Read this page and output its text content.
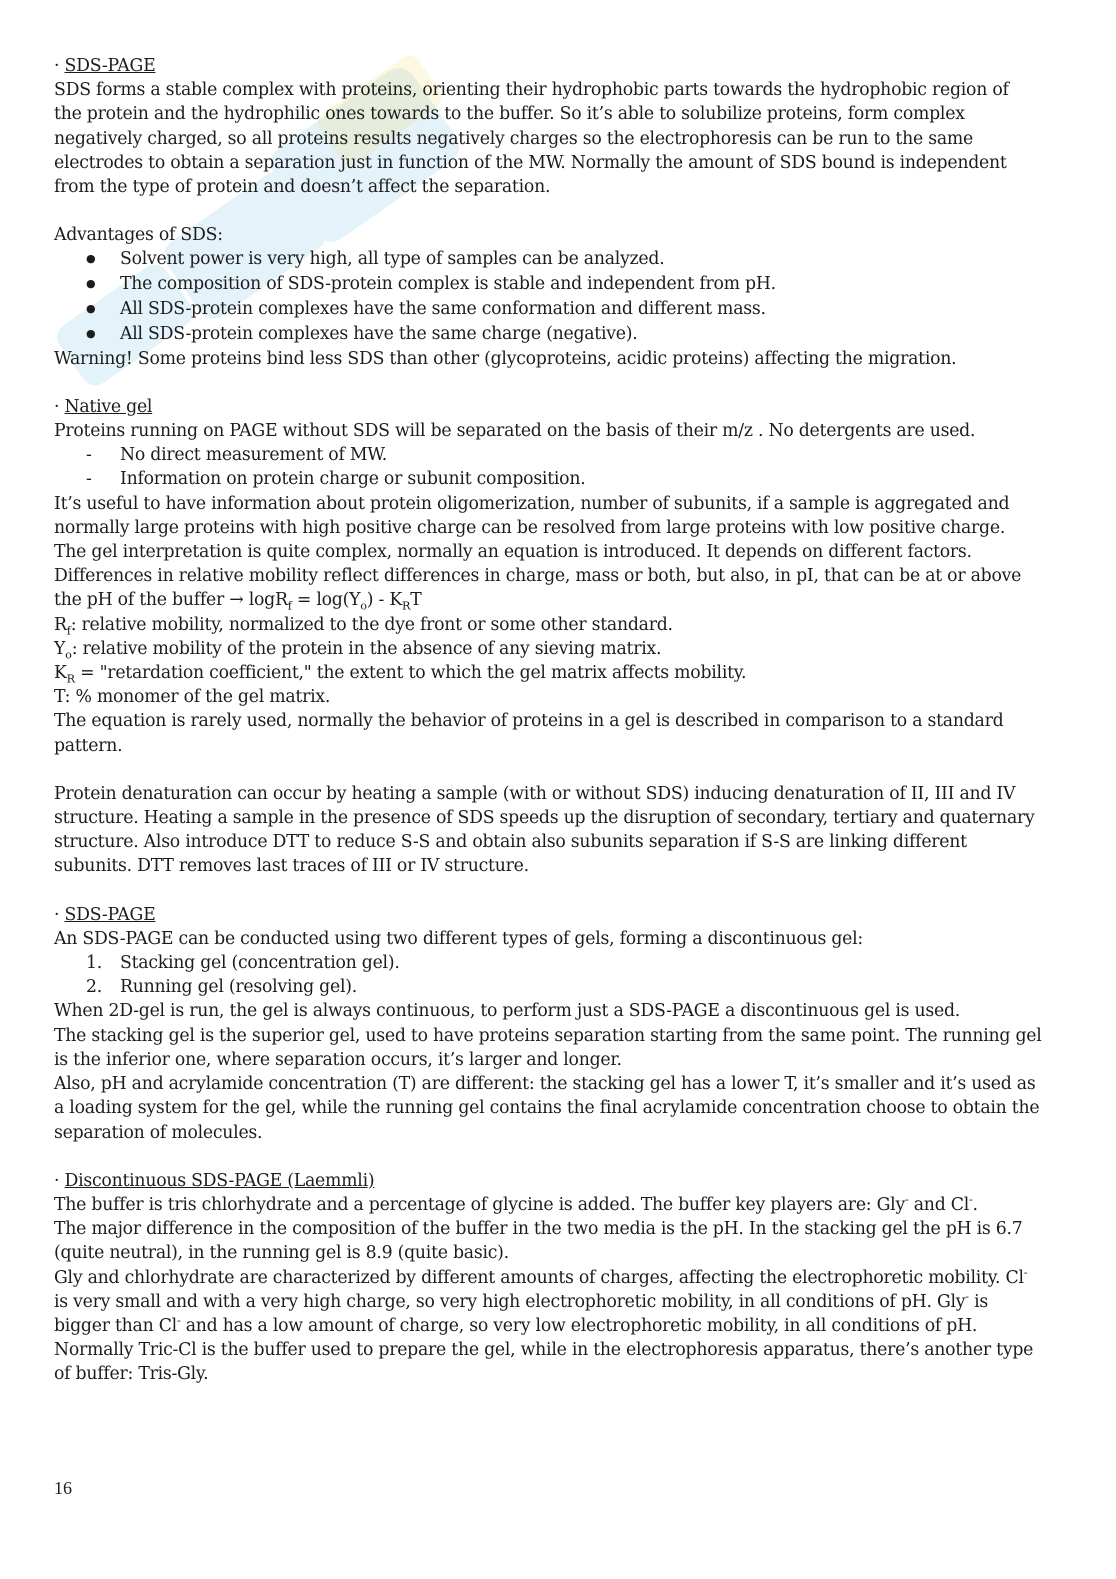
· SDS-PAGE

SDS forms a stable complex with proteins, orienting their hydrophobic parts towards the hydrophobic region of

the protein and the hydrophilic ones towards to the buffer. So it’s able to solubilize proteins, form complex

negatively charged, so all proteins results negatively charges so the electrophoresis can be run to the same

electrodes to obtain a separation just in function of the MW. Normally the amount of SDS bound is independent

from the type of protein and doesn’t affect the separation.

Advantages of SDS:

● Solvent power is very high, all type of samples can be analyzed.
● The composition of SDS-protein complex is stable and independent from pH.
● All SDS-protein complexes have the same conformation and different mass.
● All SDS-protein complexes have the same charge (negative).

Warning! Some proteins bind less SDS than other (glycoproteins, acidic proteins) affecting the migration.

· Native gel

Proteins running on PAGE without SDS will be separated on the basis of their m/z . No detergents are used.

- No direct measurement of MW.
- Information on protein charge or subunit composition.

It’s useful to have information about protein oligomerization, number of subunits, if a sample is aggregated and

normally large proteins with high positive charge can be resolved from large proteins with low positive charge.

The gel interpretation is quite complex, normally an equation is introduced. It depends on different factors.

Differences in relative mobility reflect differences in charge, mass or both, but also, in pI, that can be at or above

the pH of the buffer → $\log R_f = \log(Y_o) - K_RT$

$R_f$: relative mobility, normalized to the dye front or some other standard.

$Y_o$: relative mobility of the protein in the absence of any sieving matrix.

$K_R$ = "retardation coefficient," the extent to which the gel matrix affects mobility.

T: % monomer of the gel matrix.

The equation is rarely used, normally the behavior of proteins in a gel is described in comparison to a standard

pattern.

Protein denaturation can occur by heating a sample (with or without SDS) inducing denaturation of II, III and IV

structure. Heating a sample in the presence of SDS speeds up the disruption of secondary, tertiary and quaternary

structure. Also introduce DTT to reduce S-S and obtain also subunits separation if S-S are linking different

subunits. DTT removes last traces of III or IV structure.

· SDS-PAGE

An SDS-PAGE can be conducted using two different types of gels, forming a discontinuous gel:

1. Stacking gel (concentration gel).
2. Running gel (resolving gel).

When 2D-gel is run, the gel is always continuous, to perform just a SDS-PAGE a discontinuous gel is used.

The stacking gel is the superior gel, used to have proteins separation starting from the same point. The running gel

is the inferior one, where separation occurs, it’s larger and longer.

Also, pH and acrylamide concentration (T) are different: the stacking gel has a lower T, it’s smaller and it’s used as

a loading system for the gel, while the running gel contains the final acrylamide concentration choose to obtain the

separation of molecules.

· Discontinuous SDS-PAGE (Laemmli)

The buffer is tris chlorhydrate and a percentage of glycine is added. The buffer key players are: Gly- and Cl-.

The major difference in the composition of the buffer in the two media is the pH. In the stacking gel the pH is 6.7

(quite neutral), in the running gel is 8.9 (quite basic).

Gly and chlorhydrate are characterized by different amounts of charges, affecting the electrophoretic mobility. Cl-

is very small and with a very high charge, so very high electrophoretic mobility, in all conditions of pH. Gly- is

bigger than Cl- and has a low amount of charge, so very low electrophoretic mobility, in all conditions of pH.

Normally Tric-Cl is the buffer used to prepare the gel, while in the electrophoresis apparatus, there’s another type

of buffer: Tris-Gly.

16
